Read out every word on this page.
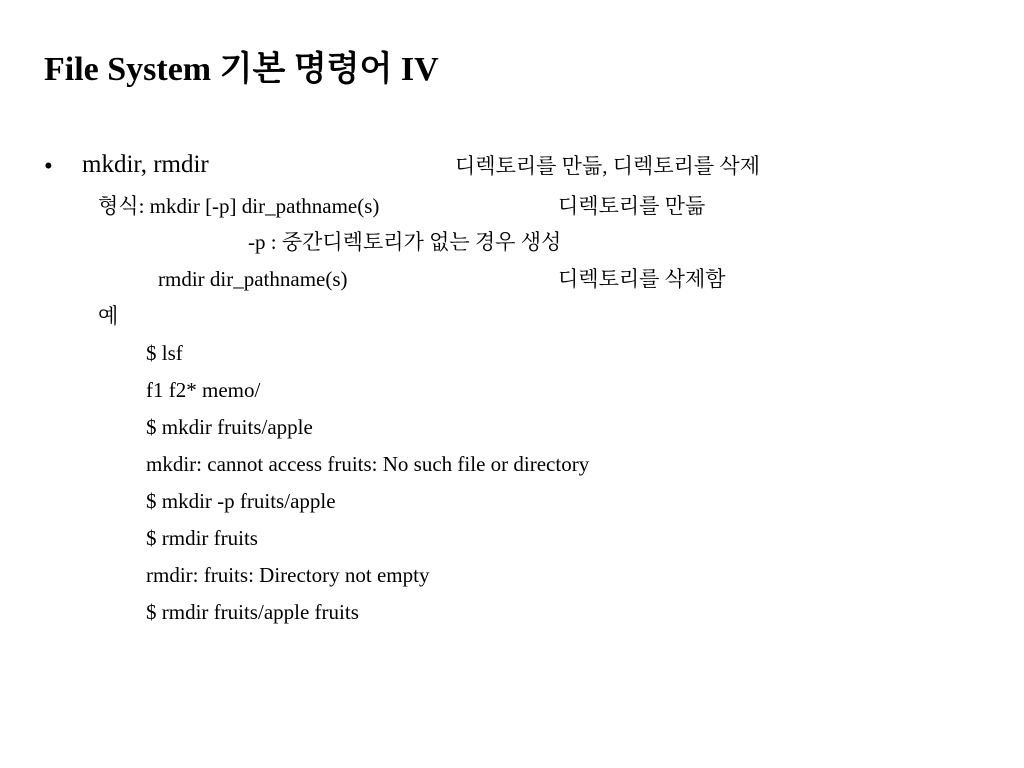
File System 기본 명령어 IV
• mkdir, rmdir	디렉토리를 만듦, 디렉토리를 삭제
형식: mkdir [-p] dir_pathname(s)	디렉토리를 만듦
-p : 중간디렉토리가 없는 경우 생성
rmdir dir_pathname(s)	디렉토리를 삭제함
예
$ lsf
f1 f2* memo/
$ mkdir fruits/apple
mkdir: cannot access fruits: No such file or directory
$ mkdir -p fruits/apple
$ rmdir fruits
rmdir: fruits: Directory not empty
$ rmdir fruits/apple fruits
